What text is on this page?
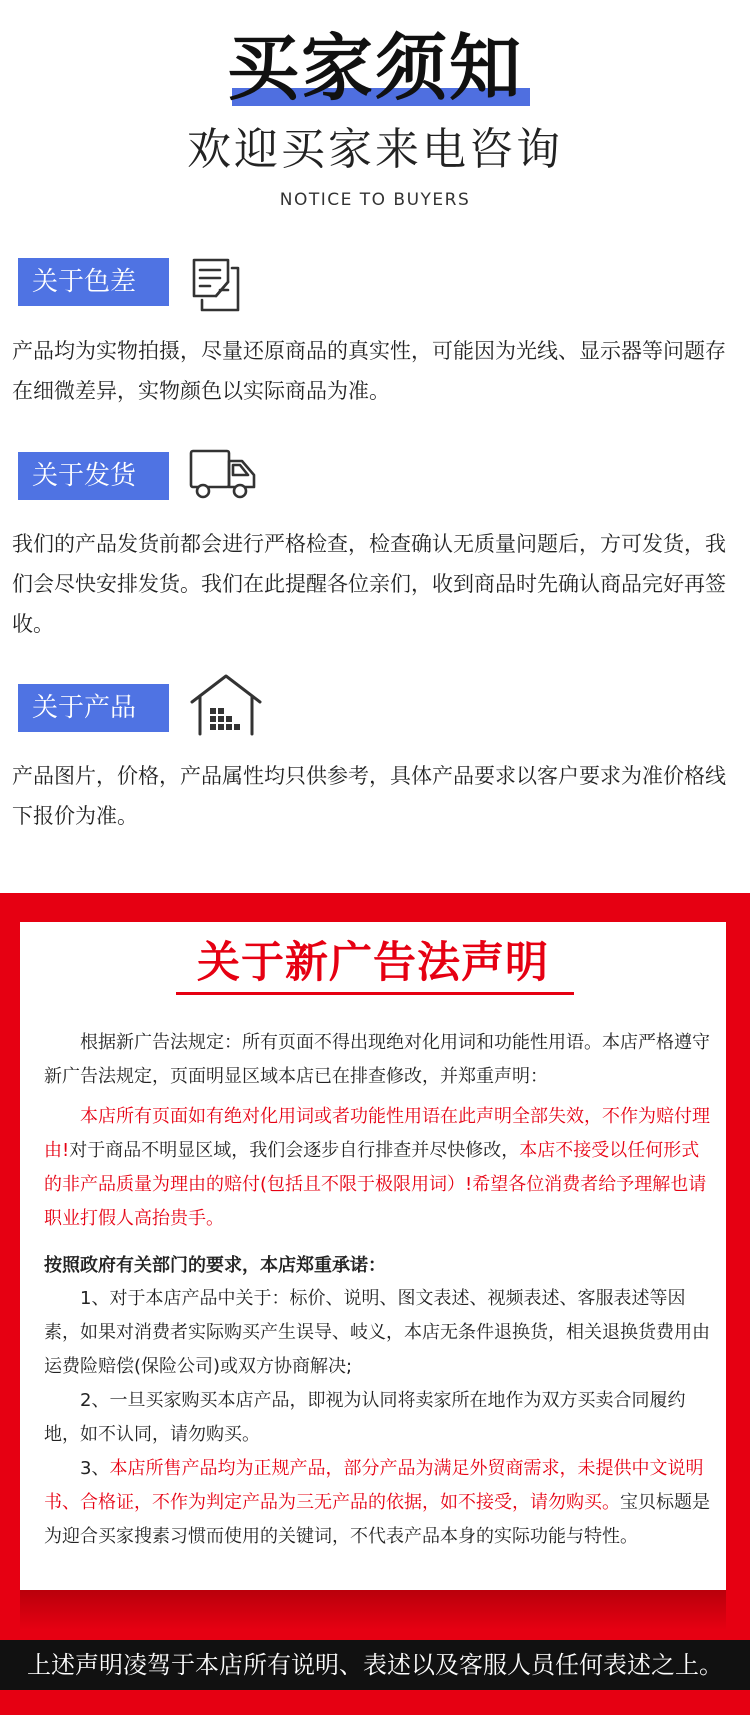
买家须知
欢迎买家来电咨询
NOTICE TO BUYERS
关于色差
产品均为实物拍摄，尽量还原商品的真实性，可能因为光线、显示器等问题存在细微差异，实物颜色以实际商品为准。
关于发货
我们的产品发货前都会进行严格检查，检查确认无质量问题后，方可发货，我们会尽快安排发货。我们在此提醒各位亲们，收到商品时先确认商品完好再签收。
关于产品
产品图片，价格，产品属性均只供参考，具体产品要求以客户要求为准价格线下报价为准。
关于新广告法声明
根据新广告法规定：所有页面不得出现绝对化用词和功能性用语。本店严格遵守新广告法规定，页面明显区域本店已在排查修改，并郑重声明：
本店所有页面如有绝对化用词或者功能性用语在此声明全部失效，不作为赔付理由!对于商品不明显区域，我们会逐步自行排查并尽快修改，本店不接受以任何形式的非产品质量为理由的赔付(包括且不限于极限用词）!希望各位消费者给予理解也请职业打假人高抬贵手。
按照政府有关部门的要求，本店郑重承诺：
1、对于本店产品中关于：标价、说明、图文表述、视频表述、客服表述等因素，如果对消费者实际购买产生误导、岐义，本店无条件退换货，相关退换货费用由运费险赔偿(保险公司)或双方协商解决;
2、一旦买家购买本店产品，即视为认同将卖家所在地作为双方买卖合同履约地，如不认同，请勿购买。
3、本店所售产品均为正规产品，部分产品为满足外贸商需求，未提供中文说明书、合格证，不作为判定产品为三无产品的依据，如不接受，请勿购买。宝贝标题是为迎合买家搜素习惯而使用的关键词，不代表产品本身的实际功能与特性。
上述声明凌驾于本店所有说明、表述以及客服人员任何表述之上。
